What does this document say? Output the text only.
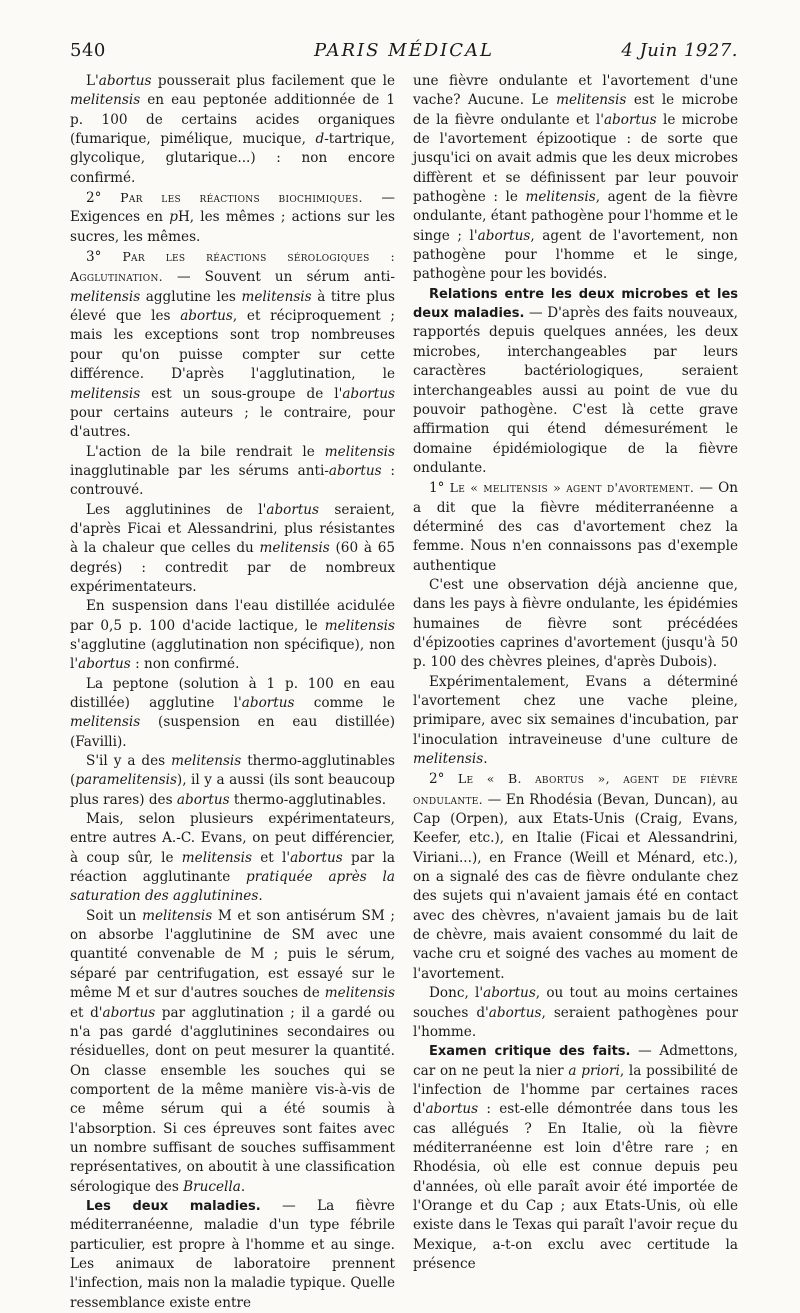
540	PARIS MÉDICAL	4 Juin 1927.

L'abortus pousserait plus facilement que le melitensis en eau peptonée additionnée de 1 p. 100 de certains acides organiques (fumarique, pimélique, mucique, d-tartrique, glycolique, glutarique...) : non encore confirmé.

2° Par les réactions biochimiques. — Exigences en pH, les mêmes ; actions sur les sucres, les mêmes.

3° Par les réactions sérologiques : Agglutination. — Souvent un sérum anti-melitensis agglutine les melitensis à titre plus élevé que les abortus, et réciproquement ; mais les exceptions sont trop nombreuses pour qu'on puisse compter sur cette différence. D'après l'agglutination, le melitensis est un sous-groupe de l'abortus pour certains auteurs ; le contraire, pour d'autres.

L'action de la bile rendrait le melitensis inagglutinable par les sérums anti-abortus : controuvé.

Les agglutinines de l'abortus seraient, d'après Ficai et Alessandrini, plus résistantes à la chaleur que celles du melitensis (60 à 65 degrés) : contredit par de nombreux expérimentateurs.

En suspension dans l'eau distillée acidulée par 0,5 p. 100 d'acide lactique, le melitensis s'agglutine (agglutination non spécifique), non l'abortus : non confirmé.

La peptone (solution à 1 p. 100 en eau distillée) agglutine l'abortus comme le melitensis (suspension en eau distillée) (Favilli).

S'il y a des melitensis thermo-agglutinables (paramelitensis), il y a aussi (ils sont beaucoup plus rares) des abortus thermo-agglutinables.

Mais, selon plusieurs expérimentateurs, entre autres A.-C. Evans, on peut différencier, à coup sûr, le melitensis et l'abortus par la réaction agglutinante pratiquée après la saturation des agglutinines.

Soit un melitensis M et son antisérum SM ; on absorbe l'agglutinine de SM avec une quantité convenable de M ; puis le sérum, séparé par centrifugation, est essayé sur le même M et sur d'autres souches de melitensis et d'abortus par agglutination ; il a gardé ou n'a pas gardé d'agglutinines secondaires ou résiduelles, dont on peut mesurer la quantité. On classe ensemble les souches qui se comportent de la même manière vis-à-vis de ce même sérum qui a été soumis à l'absorption. Si ces épreuves sont faites avec un nombre suffisant de souches suffisamment représentatives, on aboutit à une classification sérologique des Brucella.

Les deux maladies. — La fièvre méditerranéenne, maladie d'un type fébrile particulier, est propre à l'homme et au singe. Les animaux de laboratoire prennent l'infection, mais non la maladie typique. Quelle ressemblance existe entre

une fièvre ondulante et l'avortement d'une vache? Aucune. Le melitensis est le microbe de la fièvre ondulante et l'abortus le microbe de l'avortement épizootique : de sorte que jusqu'ici on avait admis que les deux microbes diffèrent et se définissent par leur pouvoir pathogène : le melitensis, agent de la fièvre ondulante, étant pathogène pour l'homme et le singe ; l'abortus, agent de l'avortement, non pathogène pour l'homme et le singe, pathogène pour les bovidés.

Relations entre les deux microbes et les deux maladies. — D'après des faits nouveaux, rapportés depuis quelques années, les deux microbes, interchangeables par leurs caractères bactériologiques, seraient interchangeables aussi au point de vue du pouvoir pathogène. C'est là cette grave affirmation qui étend démesurément le domaine épidémiologique de la fièvre ondulante.

1° Le « melitensis » agent d'avortement. — On a dit que la fièvre méditerranéenne a déterminé des cas d'avortement chez la femme. Nous n'en connaissons pas d'exemple authentique

C'est une observation déjà ancienne que, dans les pays à fièvre ondulante, les épidémies humaines de fièvre sont précédées d'épizooties caprines d'avortement (jusqu'à 50 p. 100 des chèvres pleines, d'après Dubois).

Expérimentalement, Evans a déterminé l'avortement chez une vache pleine, primipare, avec six semaines d'incubation, par l'inoculation intraveineuse d'une culture de melitensis.

2° Le « B. abortus », agent de fièvre ondulante. — En Rhodésia (Bevan, Duncan), au Cap (Orpen), aux Etats-Unis (Craig, Evans, Keefer, etc.), en Italie (Ficai et Alessandrini, Viriani...), en France (Weill et Ménard, etc.), on a signalé des cas de fièvre ondulante chez des sujets qui n'avaient jamais été en contact avec des chèvres, n'avaient jamais bu de lait de chèvre, mais avaient consommé du lait de vache cru et soigné des vaches au moment de l'avortement.

Donc, l'abortus, ou tout au moins certaines souches d'abortus, seraient pathogènes pour l'homme.

Examen critique des faits. — Admettons, car on ne peut la nier a priori, la possibilité de l'infection de l'homme par certaines races d'abortus : est-elle démontrée dans tous les cas allégués ? En Italie, où la fièvre méditerranéenne est loin d'être rare ; en Rhodésia, où elle est connue depuis peu d'années, où elle paraît avoir été importée de l'Orange et du Cap ; aux Etats-Unis, où elle existe dans le Texas qui paraît l'avoir reçue du Mexique, a-t-on exclu avec certitude la présence
